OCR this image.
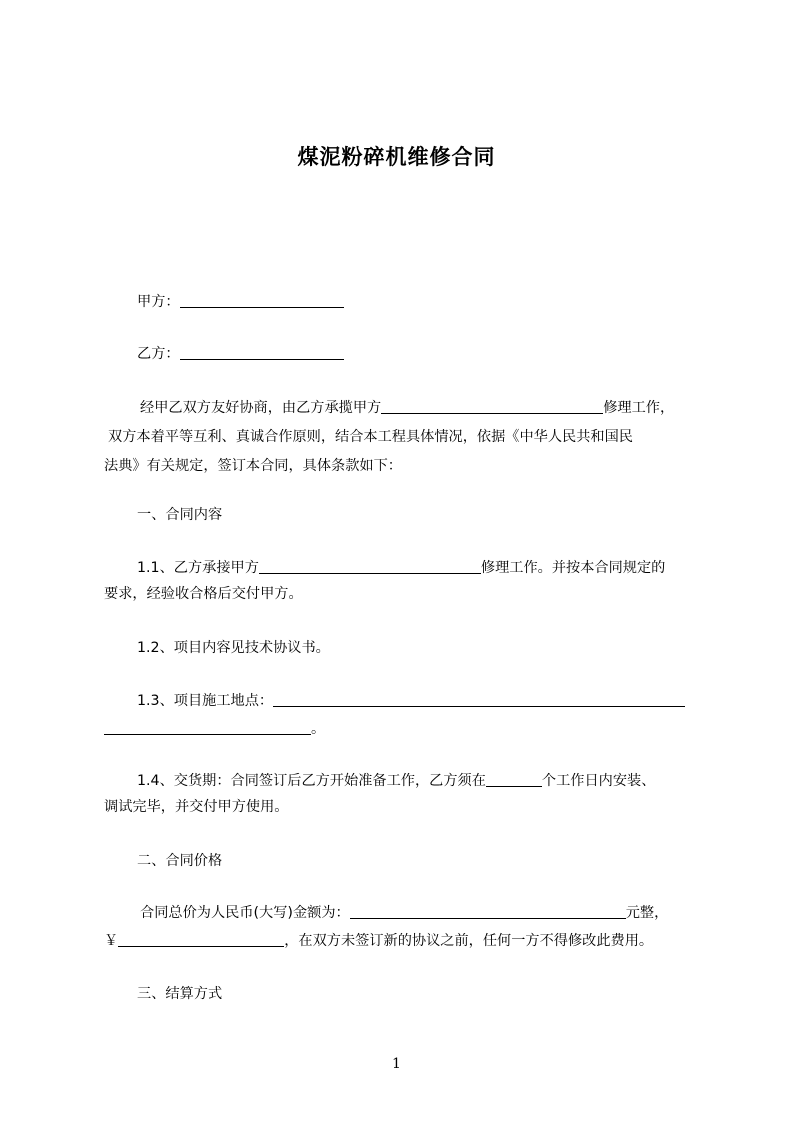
煤泥粉碎机维修合同
甲方：
乙方：
经甲乙双方友好协商，由乙方承揽甲方	修理工作，
双方本着平等互利、真诚合作原则，结合本工程具体情况，依据《中华人民共和国民
法典》有关规定，签订本合同，具体条款如下：
一、合同内容
1.1、乙方承接甲方	修理工作。并按本合同规定的
要求，经验收合格后交付甲方。
1.2、项目内容见技术协议书。
1.3、项目施工地点：
。
1.4、交货期：合同签订后乙方开始准备工作，乙方须在	个工作日内安装、
调试完毕，并交付甲方使用。
二、合同价格
合同总价为人民币(大写)金额为：	元整，
￥	，在双方未签订新的协议之前，任何一方不得修改此费用。
三、结算方式
1
